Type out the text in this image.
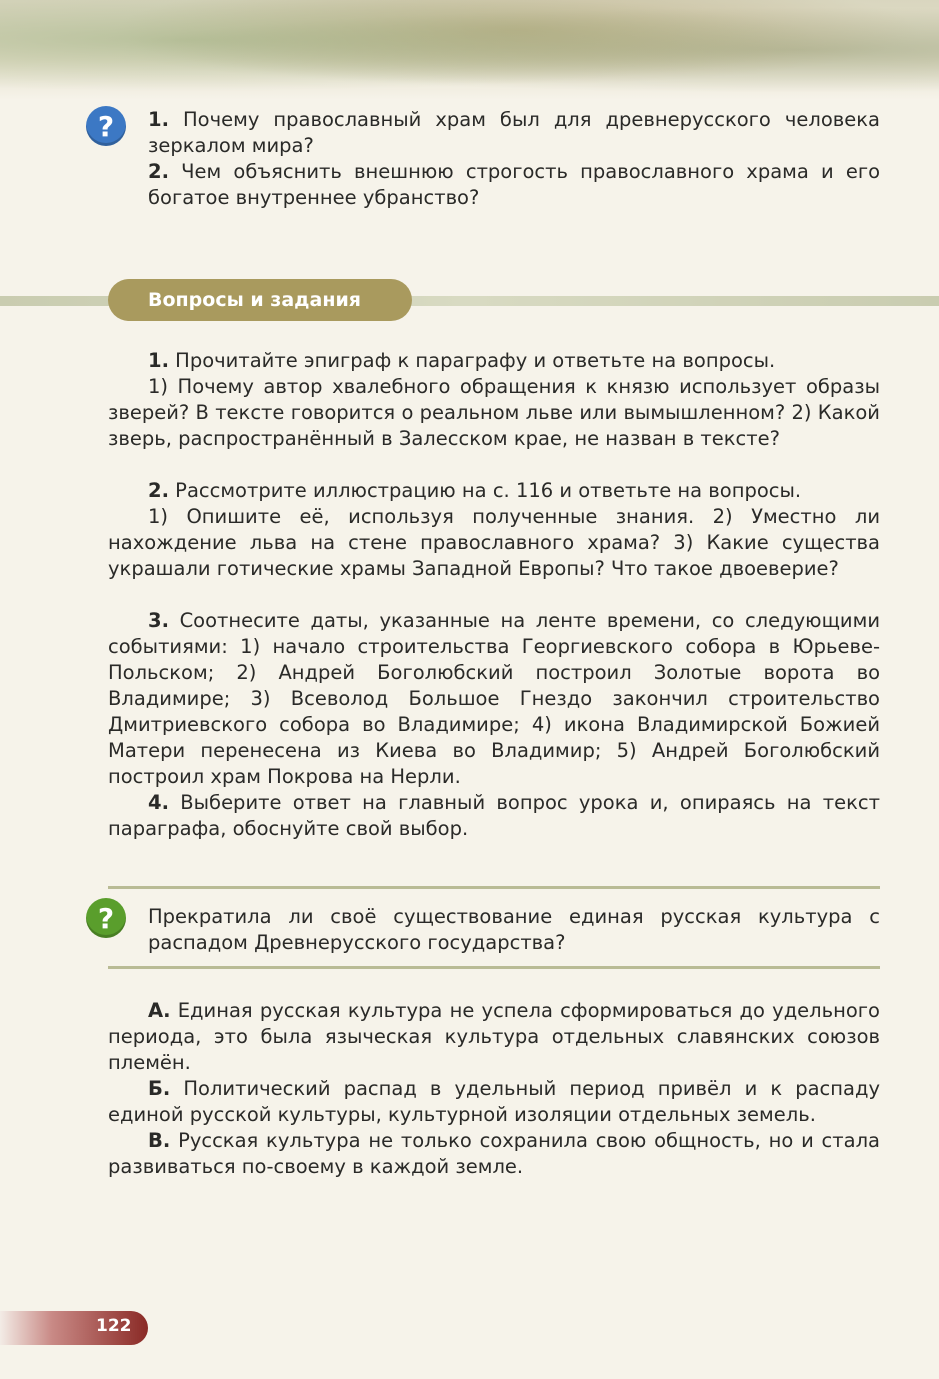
?	1. Почему православный храм был для древнерусского человека зеркалом мира?

2. Чем объяснить внешнюю строгость православного храма и его богатое внутреннее убранство?

Вопросы и задания

1. Прочитайте эпиграф к параграфу и ответьте на вопросы.

1) Почему автор хвалебного обращения к князю использует образы зверей? В тексте говорится о реальном льве или вымышленном? 2) Какой зверь, распространённый в Залесском крае, не назван в тексте?

2. Рассмотрите иллюстрацию на с. 116 и ответьте на вопросы.

1) Опишите её, используя полученные знания. 2) Уместно ли нахождение льва на стене православного храма? 3) Какие существа украшали готические храмы Западной Европы? Что такое двоеверие?

3. Соотнесите даты, указанные на ленте времени, со следующими событиями: 1) начало строительства Георгиевского собора в Юрьеве-Польском; 2) Андрей Боголюбский построил Золотые ворота во Владимире; 3) Всеволод Большое Гнездо закончил строительство Дмитриевского собора во Владимире; 4) икона Владимирской Божией Матери перенесена из Киева во Владимир; 5) Андрей Боголюбский построил храм Покрова на Нерли.

4. Выберите ответ на главный вопрос урока и, опираясь на текст параграфа, обоснуйте свой выбор.

?	Прекратила ли своё существование единая русская культура с распадом Древнерусского государства?

А. Единая русская культура не успела сформироваться до удельного периода, это была языческая культура отдельных славянских союзов племён.

Б. Политический распад в удельный период привёл и к распаду единой русской культуры, культурной изоляции отдельных земель.

В. Русская культура не только сохранила свою общность, но и стала развиваться по-своему в каждой земле.

122
